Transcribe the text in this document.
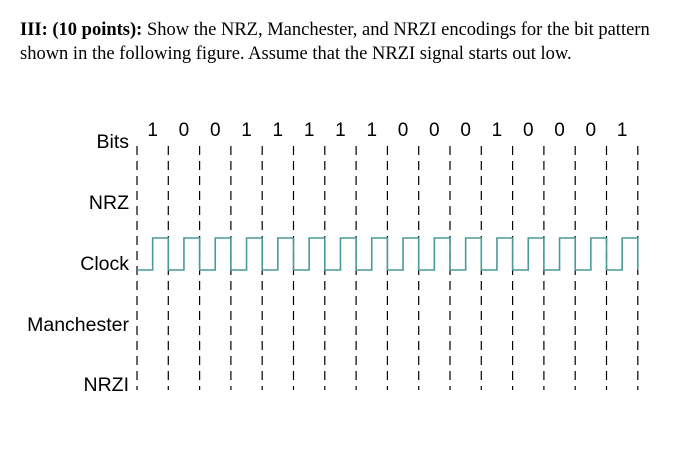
III: (10 points): Show the NRZ, Manchester, and NRZI encodings for the bit pattern shown in the following figure. Assume that the NRZI signal starts out low.
1 0 0 1 1 1 1 1 0 0 0 1 0 0 0 1
Bits
NRZ
Clock
Manchester
NRZI
